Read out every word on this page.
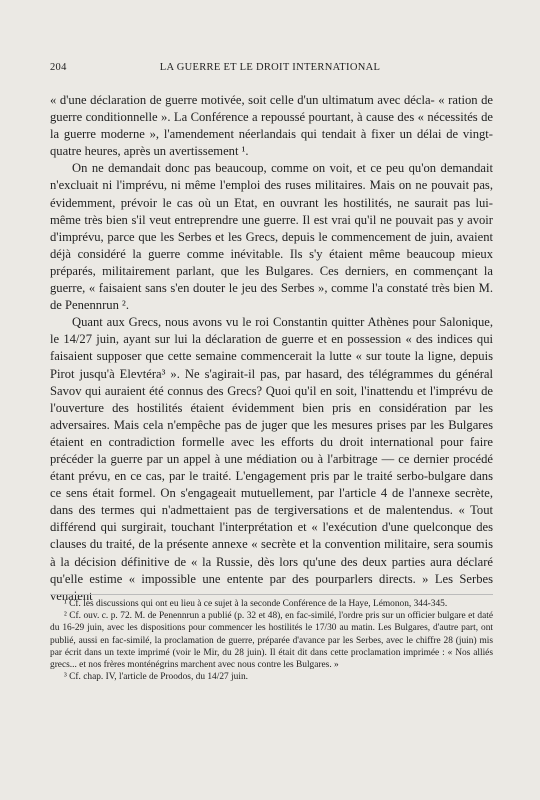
204	LA GUERRE ET LE DROIT INTERNATIONAL

« d'une déclaration de guerre motivée, soit celle d'un ultimatum avec décla- « ration de guerre conditionnelle ». La Conférence a repoussé pourtant, à cause des « nécessités de la guerre moderne », l'amendement néerlandais qui tendait à fixer un délai de vingt-quatre heures, après un avertissement ¹.

On ne demandait donc pas beaucoup, comme on voit, et ce peu qu'on demandait n'excluait ni l'imprévu, ni même l'emploi des ruses militaires. Mais on ne pouvait pas, évidemment, prévoir le cas où un Etat, en ouvrant les hostilités, ne saurait pas lui-même très bien s'il veut entreprendre une guerre. Il est vrai qu'il ne pouvait pas y avoir d'imprévu, parce que les Serbes et les Grecs, depuis le commencement de juin, avaient déjà considéré la guerre comme inévitable. Ils s'y étaient même beaucoup mieux préparés, militairement parlant, que les Bulgares. Ces derniers, en commençant la guerre, « faisaient sans s'en douter le jeu des Serbes », comme l'a constaté très bien M. de Penennrun ².

Quant aux Grecs, nous avons vu le roi Constantin quitter Athènes pour Salonique, le 14/27 juin, ayant sur lui la déclaration de guerre et en possession « des indices qui faisaient supposer que cette semaine commencerait la lutte « sur toute la ligne, depuis Pirot jusqu'à Elevtéra³ ». Ne s'agirait-il pas, par hasard, des télégrammes du général Savov qui auraient été connus des Grecs? Quoi qu'il en soit, l'inattendu et l'imprévu de l'ouverture des hostilités étaient évidemment bien pris en considération par les adversaires. Mais cela n'empêche pas de juger que les mesures prises par les Bulgares étaient en contradiction formelle avec les efforts du droit international pour faire précéder la guerre par un appel à une médiation ou à l'arbitrage — ce dernier procédé étant prévu, en ce cas, par le traité. L'engagement pris par le traité serbo-bulgare dans ce sens était formel. On s'engageait mutuellement, par l'article 4 de l'annexe secrète, dans des termes qui n'admettaient pas de tergiversations et de malentendus. « Tout différend qui surgirait, touchant l'interprétation et « l'exécution d'une quelconque des clauses du traité, de la présente annexe « secrète et la convention militaire, sera soumis à la décision définitive de « la Russie, dès lors qu'une des deux parties aura déclaré qu'elle estime « impossible une entente par des pourparlers directs. » Les Serbes venaient

¹ Cf. les discussions qui ont eu lieu à ce sujet à la seconde Conférence de la Haye, Lémonon, 344-345.

² Cf. ouv. c. p. 72. M. de Penennrun a publié (p. 32 et 48), en fac-similé, l'ordre pris sur un officier bulgare et daté du 16-29 juin, avec les dispositions pour commencer les hostilités le 17/30 au matin. Les Bulgares, d'autre part, ont publié, aussi en fac-similé, la proclamation de guerre, préparée d'avance par les Serbes, avec le chiffre 28 (juin) mis par écrit dans un texte imprimé (voir le Mir, du 28 juin). Il était dit dans cette proclamation imprimée : « Nos alliés grecs... et nos frères monténégrins marchent avec nous contre les Bulgares. »

³ Cf. chap. IV, l'article de Proodos, du 14/27 juin.
